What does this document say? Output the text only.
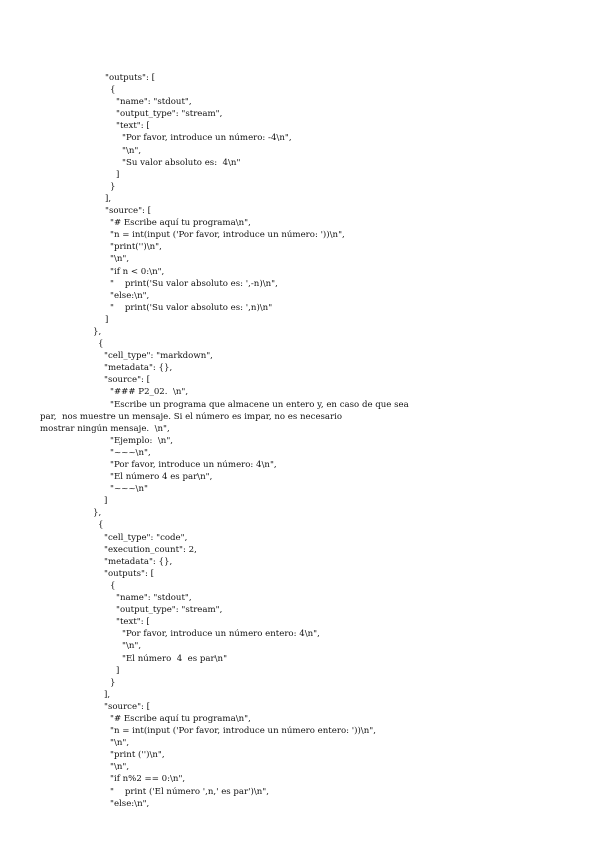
"outputs": [
{
"name": "stdout",
"output_type": "stream",
"text": [
"Por favor, introduce un número: -4\n",
"\n",
"Su valor absoluto es:  4\n"
]
}
],
"source": [
"# Escribe aquí tu programa\n",
"n = int(input ('Por favor, introduce un número: '))\n",
"print('')\n",
"\n",
"if n < 0:\n",
"    print('Su valor absoluto es: ',-n)\n",
"else:\n",
"    print('Su valor absoluto es: ',n)\n"
]
},
{
"cell_type": "markdown",
"metadata": {},
"source": [
"### P2_02.  \n",
"Escribe un programa que almacene un entero y, en caso de que sea
par,  nos muestre un mensaje. Si el número es impar, no es necesario
mostrar ningún mensaje.  \n",
"Ejemplo:  \n",
"~~~\n",
"Por favor, introduce un número: 4\n",
"El número 4 es par\n",
"~~~\n"
]
},
{
"cell_type": "code",
"execution_count": 2,
"metadata": {},
"outputs": [
{
"name": "stdout",
"output_type": "stream",
"text": [
"Por favor, introduce un número entero: 4\n",
"\n",
"El número  4  es par\n"
]
}
],
"source": [
"# Escribe aquí tu programa\n",
"n = int(input ('Por favor, introduce un número entero: '))\n",
"\n",
"print ('')\n",
"\n",
"if n%2 == 0:\n",
"    print ('El número ',n,' es par')\n",
"else:\n",
